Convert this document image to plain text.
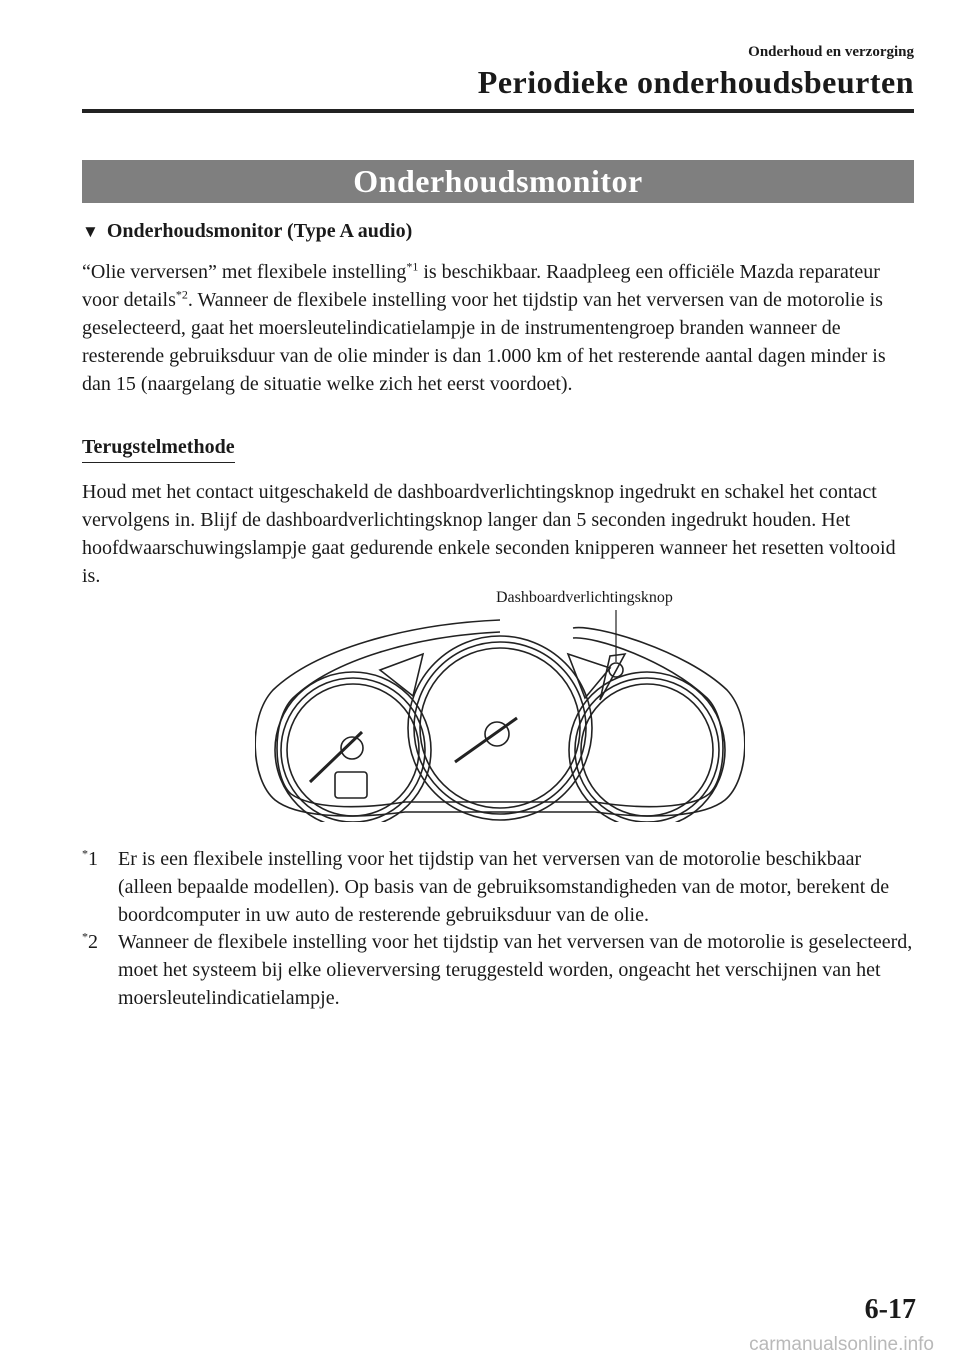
Onderhoud en verzorging
Periodieke onderhoudsbeurten
Onderhoudsmonitor
▼ Onderhoudsmonitor (Type A audio)
“Olie verversen” met flexibele instelling$^{*1}$ is beschikbaar. Raadpleeg een officiële Mazda reparateur voor details$^{*2}$. Wanneer de flexibele instelling voor het tijdstip van het verversen van de motorolie is geselecteerd, gaat het moersleutelindicatielampje in de instrumentengroep branden wanneer de resterende gebruiksduur van de olie minder is dan 1.000 km of het resterende aantal dagen minder is dan 15 (naargelang de situatie welke zich het eerst voordoet).
Terugstelmethode
Houd met het contact uitgeschakeld de dashboardverlichtingsknop ingedrukt en schakel het contact vervolgens in. Blijf de dashboardverlichtingsknop langer dan 5 seconden ingedrukt houden. Het hoofdwaarschuwingslampje gaat gedurende enkele seconden knipperen wanneer het resetten voltooid is.
Dashboardverlichtingsknop
*1 Er is een flexibele instelling voor het tijdstip van het verversen van de motorolie beschikbaar (alleen bepaalde modellen). Op basis van de gebruiksomstandigheden van de motor, berekent de boordcomputer in uw auto de resterende gebruiksduur van de olie.
*2 Wanneer de flexibele instelling voor het tijdstip van het verversen van de motorolie is geselecteerd, moet het systeem bij elke olieverversing teruggesteld worden, ongeacht het verschijnen van het moersleutelindicatielampje.
6-17
carmanualsonline.info
